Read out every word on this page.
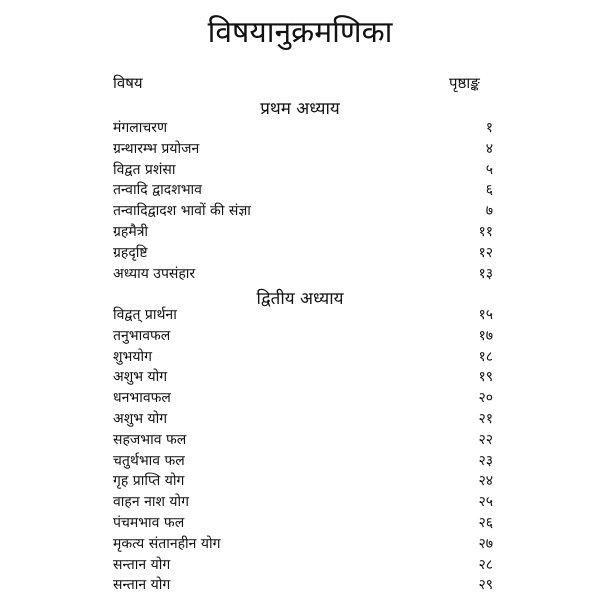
विषयानुक्रमणिका
विषय	पृष्ठाङ्क
प्रथम अध्याय
मंगलाचरण	१
ग्रन्थारम्भ प्रयोजन	४
विद्वत प्रशंसा	५
तन्वादि द्वादशभाव	६
तन्वादिद्वादश भावों की संज्ञा	७
ग्रहमैत्री	११
ग्रहदृष्टि	१२
अध्याय उपसंहार	१३
द्वितीय अध्याय
विद्वत् प्रार्थना	१५
तनुभावफल	१७
शुभयोग	१८
अशुभ योग	१९
धनभावफल	२०
अशुभ योग	२१
सहजभाव फल	२२
चतुर्थभाव फल	२३
गृह प्राप्ति योग	२४
वाहन नाश योग	२५
पंचमभाव फल	२६
मृकत्य संतानहीन योग	२७
सन्तान योग	२८
सन्तान योग	२९
